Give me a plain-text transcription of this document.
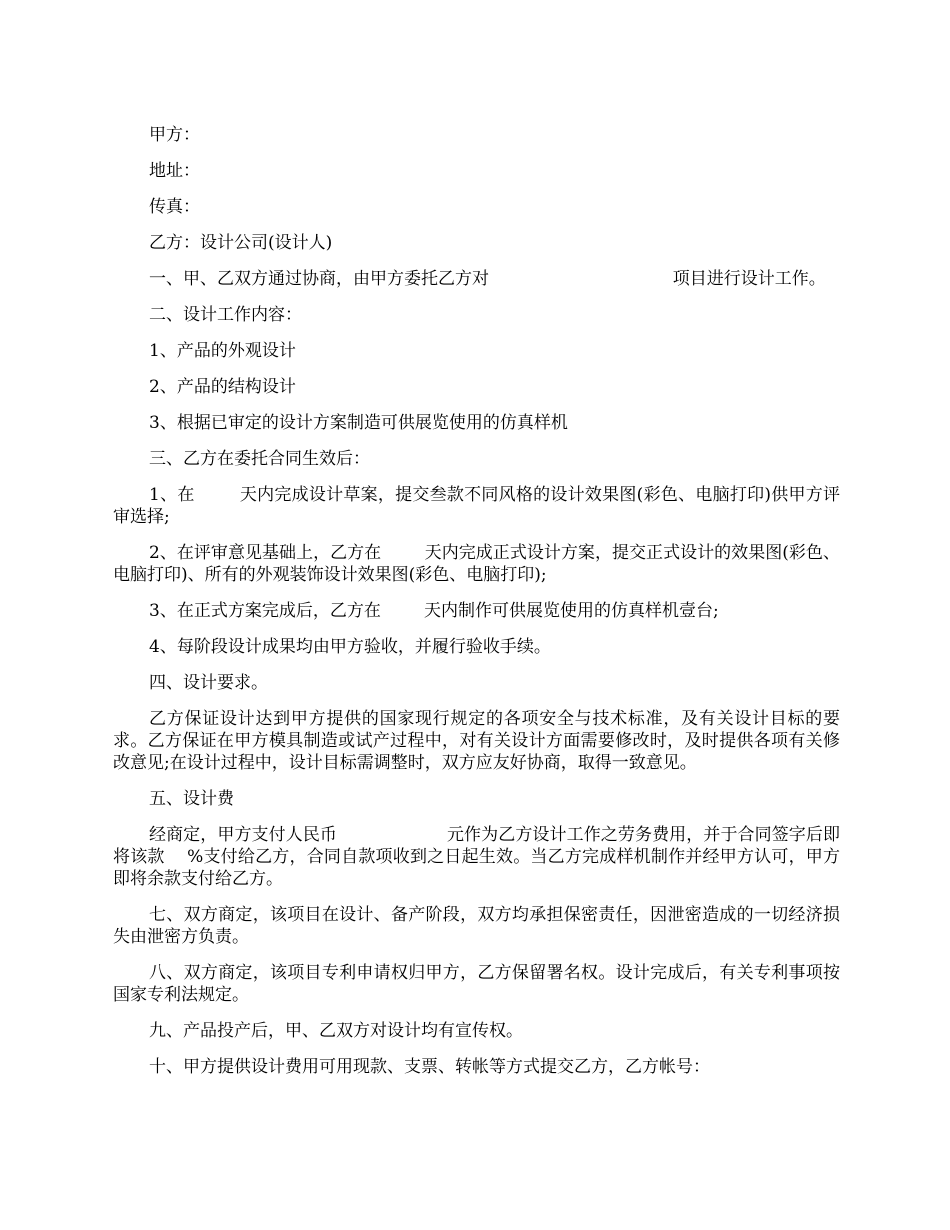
甲方：

地址：

传真：

乙方：设计公司(设计人)

一、甲、乙双方通过协商，由甲方委托乙方对                                  项目进行设计工作。

二、设计工作内容：

1、产品的外观设计

2、产品的结构设计

3、根据已审定的设计方案制造可供展览使用的仿真样机

三、乙方在委托合同生效后：

1、在        天内完成设计草案，提交叁款不同风格的设计效果图(彩色、电脑打印)供甲方评审选择;

2、在评审意见基础上，乙方在        天内完成正式设计方案，提交正式设计的效果图(彩色、电脑打印)、所有的外观装饰设计效果图(彩色、电脑打印);

3、在正式方案完成后，乙方在        天内制作可供展览使用的仿真样机壹台;

4、每阶段设计成果均由甲方验收，并履行验收手续。

四、设计要求。

乙方保证设计达到甲方提供的国家现行规定的各项安全与技术标准，及有关设计目标的要求。乙方保证在甲方模具制造或试产过程中，对有关设计方面需要修改时，及时提供各项有关修改意见;在设计过程中，设计目标需调整时，双方应友好协商，取得一致意见。

五、设计费

经商定，甲方支付人民币                    元作为乙方设计工作之劳务费用，并于合同签字后即将该款    %支付给乙方，合同自款项收到之日起生效。当乙方完成样机制作并经甲方认可，甲方即将余款支付给乙方。

七、双方商定，该项目在设计、备产阶段，双方均承担保密责任，因泄密造成的一切经济损失由泄密方负责。

八、双方商定，该项目专利申请权归甲方，乙方保留署名权。设计完成后，有关专利事项按国家专利法规定。

九、产品投产后，甲、乙双方对设计均有宣传权。

十、甲方提供设计费用可用现款、支票、转帐等方式提交乙方，乙方帐号：
